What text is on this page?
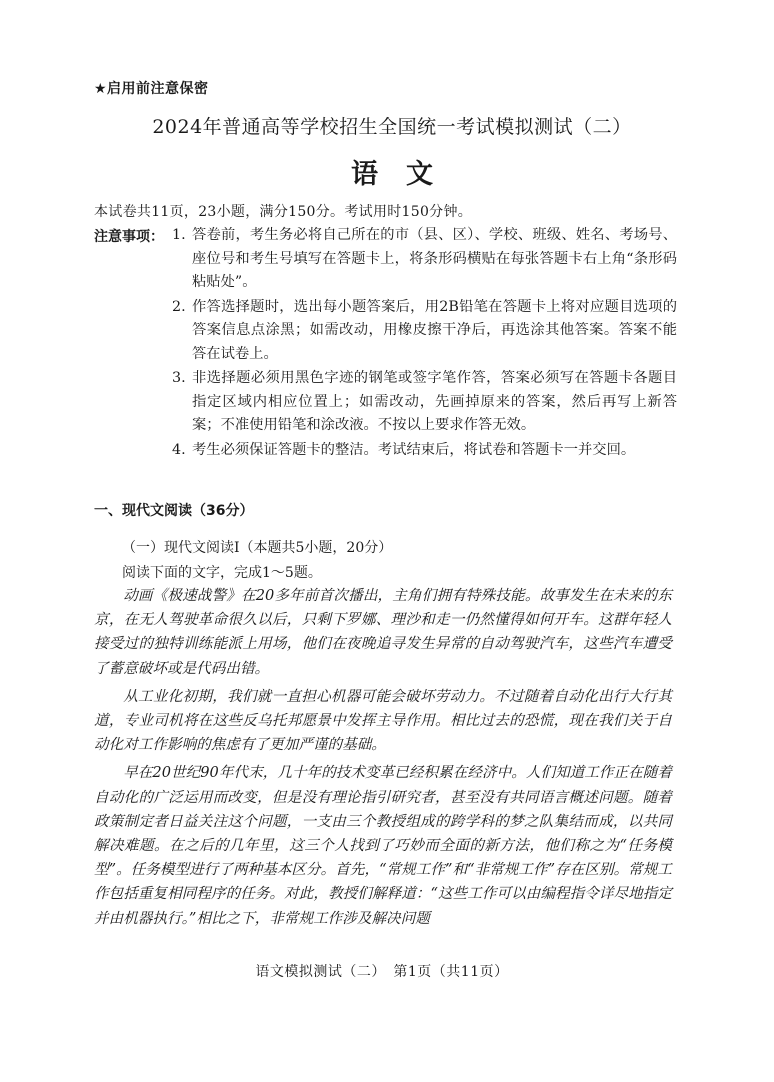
★启用前注意保密
2024年普通高等学校招生全国统一考试模拟测试（二）
语文
本试卷共11页，23小题，满分150分。考试用时150分钟。
注意事项： 1. 答卷前，考生务必将自己所在的市（县、区）、学校、班级、姓名、考场号、座位号和考生号填写在答题卡上，将条形码横贴在每张答题卡右上角“条形码粘贴处”。
2. 作答选择题时，选出每小题答案后，用2B铅笔在答题卡上将对应题目选项的答案信息点涂黑；如需改动，用橡皮擦干净后，再选涂其他答案。答案不能答在试卷上。
3. 非选择题必须用黑色字迹的钢笔或签字笔作答，答案必须写在答题卡各题目指定区域内相应位置上；如需改动，先画掉原来的答案，然后再写上新答案；不准使用铅笔和涂改液。不按以上要求作答无效。
4. 考生必须保证答题卡的整洁。考试结束后，将试卷和答题卡一并交回。
一、现代文阅读（36分）
（一）现代文阅读Ⅰ（本题共5小题，20分）
阅读下面的文字，完成1～5题。

动画《极速战警》在20多年前首次播出，主角们拥有特殊技能。故事发生在未来的东京，在无人驾驶革命很久以后，只剩下罗娜、理沙和走一仍然懂得如何开车。这群年轻人接受过的独特训练能派上用场，他们在夜晚追寻发生异常的自动驾驶汽车，这些汽车遭受了蓄意破坏或是代码出错。

从工业化初期，我们就一直担心机器可能会破坏劳动力。不过随着自动化出行大行其道，专业司机将在这些反乌托邦愿景中发挥主导作用。相比过去的恐慌，现在我们关于自动化对工作影响的焦虑有了更加严谨的基础。

早在20世纪90年代末，几十年的技术变革已经积累在经济中。人们知道工作正在随着自动化的广泛运用而改变，但是没有理论指引研究者，甚至没有共同语言概述问题。随着政策制定者日益关注这个问题，一支由三个教授组成的跨学科的梦之队集结而成，以共同解决难题。在之后的几年里，这三个人找到了巧妙而全面的新方法，他们称之为“任务模型”。任务模型进行了两种基本区分。首先，“常规工作”和“非常规工作”存在区别。常规工作包括重复相同程序的任务。对此，教授们解释道：“这些工作可以由编程指令详尽地指定并由机器执行。”相比之下，非常规工作涉及解决问题

语文模拟测试（二）　第1页（共11页）
